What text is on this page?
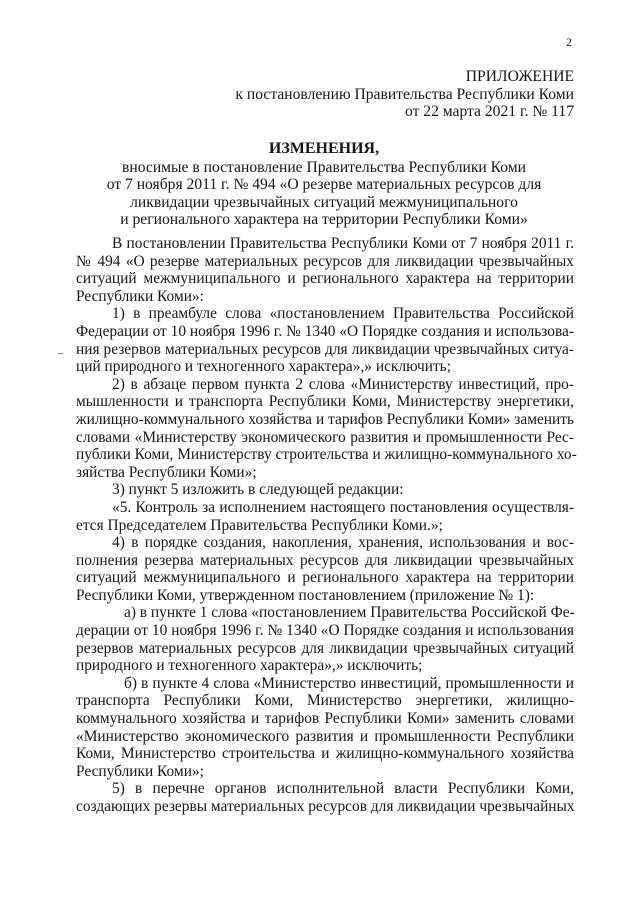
2
ПРИЛОЖЕНИЕ
к постановлению Правительства Республики Коми
от 22 марта 2021 г. № 117
ИЗМЕНЕНИЯ,
вносимые в постановление Правительства Республики Коми
от 7 ноября 2011 г. № 494 «О резерве материальных ресурсов для
ликвидации чрезвычайных ситуаций межмуниципального
и регионального характера на территории Республики Коми»
В постановлении Правительства Республики Коми от 7 ноября 2011 г.
№ 494 «О резерве материальных ресурсов для ликвидации чрезвычайных
ситуаций межмуниципального и регионального характера на территории
Республики Коми»:
1) в преамбуле слова «постановлением Правительства Российской
Федерации от 10 ноября 1996 г. № 1340 «О Порядке создания и использова-
ния резервов материальных ресурсов для ликвидации чрезвычайных ситуа-
ций природного и техногенного характера»,» исключить;
2) в абзаце первом пункта 2 слова «Министерству инвестиций, про-
мышленности и транспорта Республики Коми, Министерству энергетики,
жилищно-коммунального хозяйства и тарифов Республики Коми» заменить
словами «Министерству экономического развития и промышленности Рес-
публики Коми, Министерству строительства и жилищно-коммунального хо-
зяйства Республики Коми»;
3) пункт 5 изложить в следующей редакции:
«5. Контроль за исполнением настоящего постановления осуществля-
ется Председателем Правительства Республики Коми.»;
4) в порядке создания, накопления, хранения, использования и вос-
полнения резерва материальных ресурсов для ликвидации чрезвычайных
ситуаций межмуниципального и регионального характера на территории
Республики Коми, утвержденном постановлением (приложение № 1):
а) в пункте 1 слова «постановлением Правительства Российской Фе-
дерации от 10 ноября 1996 г. № 1340 «О Порядке создания и использования
резервов материальных ресурсов для ликвидации чрезвычайных ситуаций
природного и техногенного характера»,» исключить;
б) в пункте 4 слова «Министерство инвестиций, промышленности и
транспорта Республики Коми, Министерство энергетики, жилищно-
коммунального хозяйства и тарифов Республики Коми» заменить словами
«Министерство экономического развития и промышленности Республики
Коми, Министерство строительства и жилищно-коммунального хозяйства
Республики Коми»;
5) в перечне органов исполнительной власти Республики Коми,
создающих резервы материальных ресурсов для ликвидации чрезвычайных
